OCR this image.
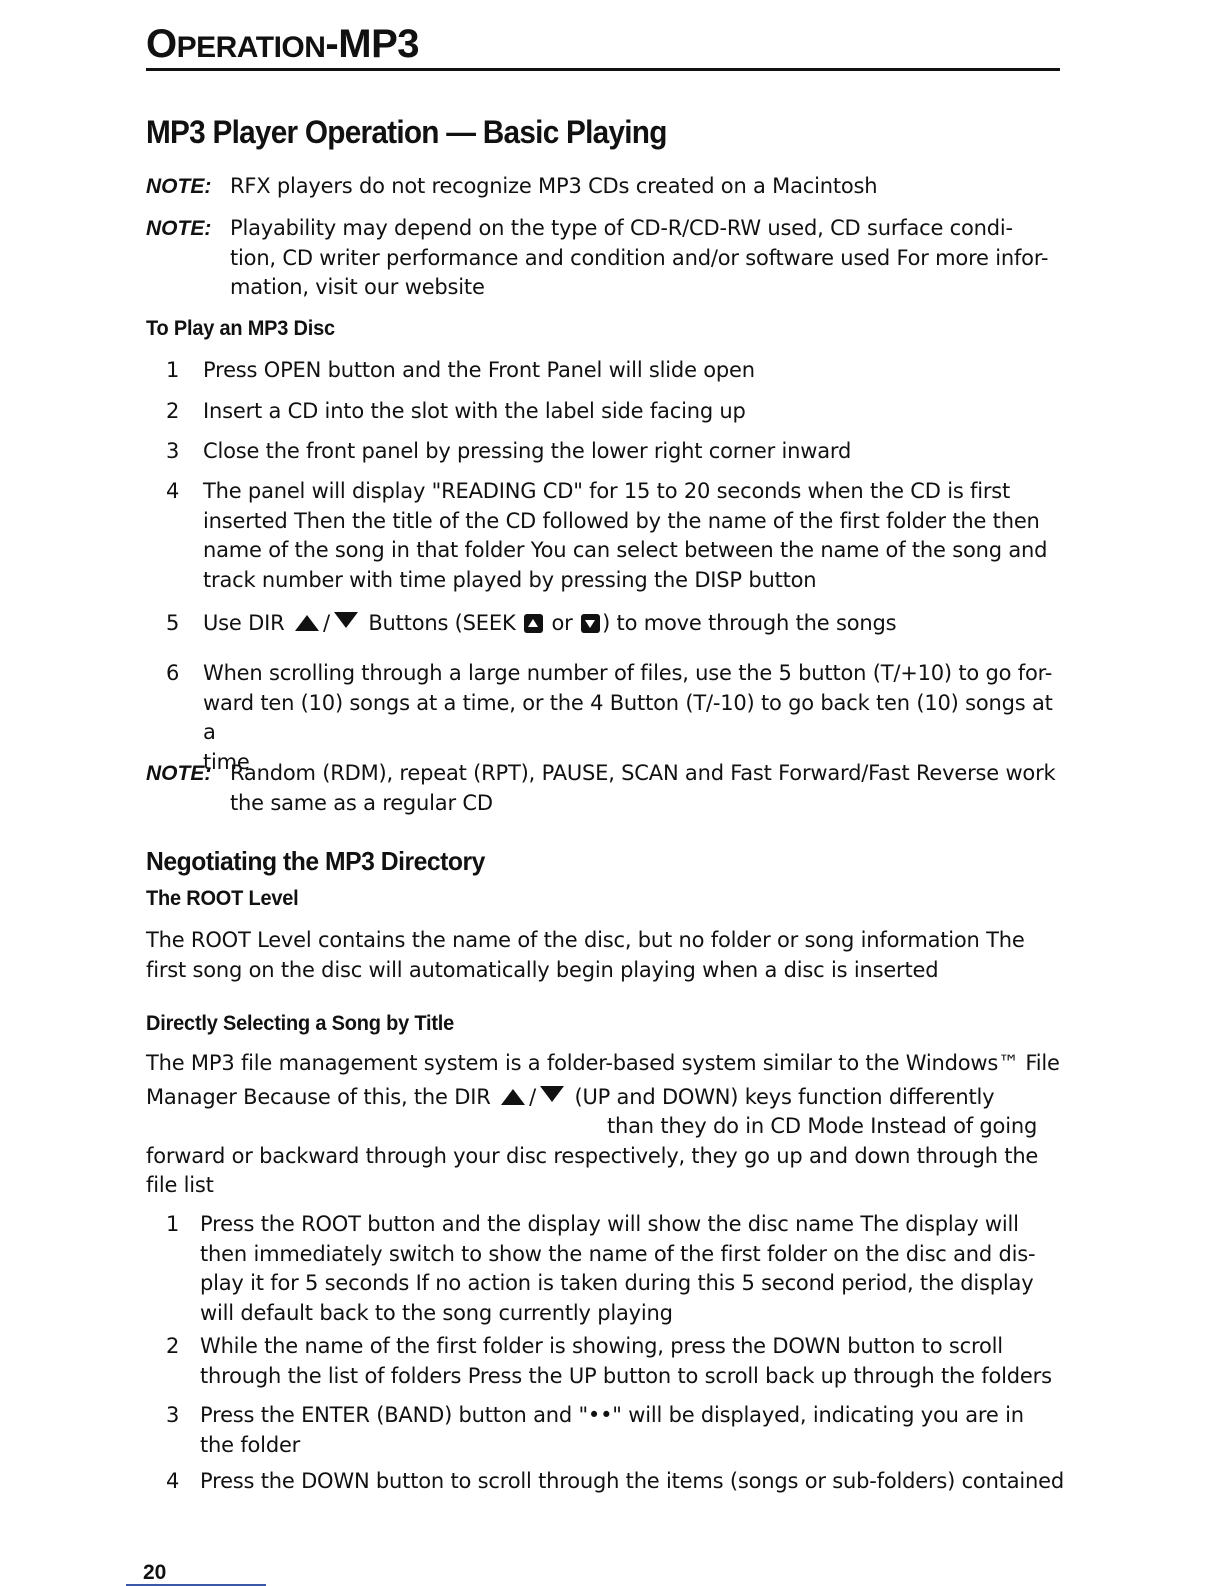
OPERATION-MP3
MP3 Player Operation — Basic Playing
NOTE: RFX players do not recognize MP3 CDs created on a Macintosh
NOTE: Playability may depend on the type of CD-R/CD-RW used, CD surface condi-
tion, CD writer performance and condition and/or software used For more infor-
mation, visit our website
To Play an MP3 Disc
1	Press OPEN button and the Front Panel will slide open
2	Insert a CD into the slot with the label side facing up
3	Close the front panel by pressing the lower right corner inward
4	The panel will display "READING CD" for 15 to 20 seconds when the CD is first
inserted Then the title of the CD followed by the name of the first folder the then
name of the song in that folder You can select between the name of the song and
track number with time played by pressing the DISP button
5	Use DIR / Buttons (SEEK or ) to move through the songs
6	When scrolling through a large number of files, use the 5 button (T/+10) to go for-
ward ten (10) songs at a time, or the 4 Button (T/-10) to go back ten (10) songs at a
time
NOTE: Random (RDM), repeat (RPT), PAUSE, SCAN and Fast Forward/Fast Reverse work
the same as a regular CD
Negotiating the MP3 Directory
The ROOT Level
The ROOT Level contains the name of the disc, but no folder or song information The
first song on the disc will automatically begin playing when a disc is inserted
Directly Selecting a Song by Title
The MP3 file management system is a folder-based system similar to the Windows™ File
Manager Because of this, the DIR / (UP and DOWN) keys function differently
than they do in CD Mode Instead of going
forward or backward through your disc respectively, they go up and down through the
file list
1 Press the ROOT button and the display will show the disc name The display will
then immediately switch to show the name of the first folder on the disc and dis-
play it for 5 seconds If no action is taken during this 5 second period, the display
will default back to the song currently playing
2 While the name of the first folder is showing, press the DOWN button to scroll
through the list of folders Press the UP button to scroll back up through the folders
3 Press the ENTER (BAND) button and "••" will be displayed, indicating you are in
the folder
4 Press the DOWN button to scroll through the items (songs or sub-folders) contained
20
